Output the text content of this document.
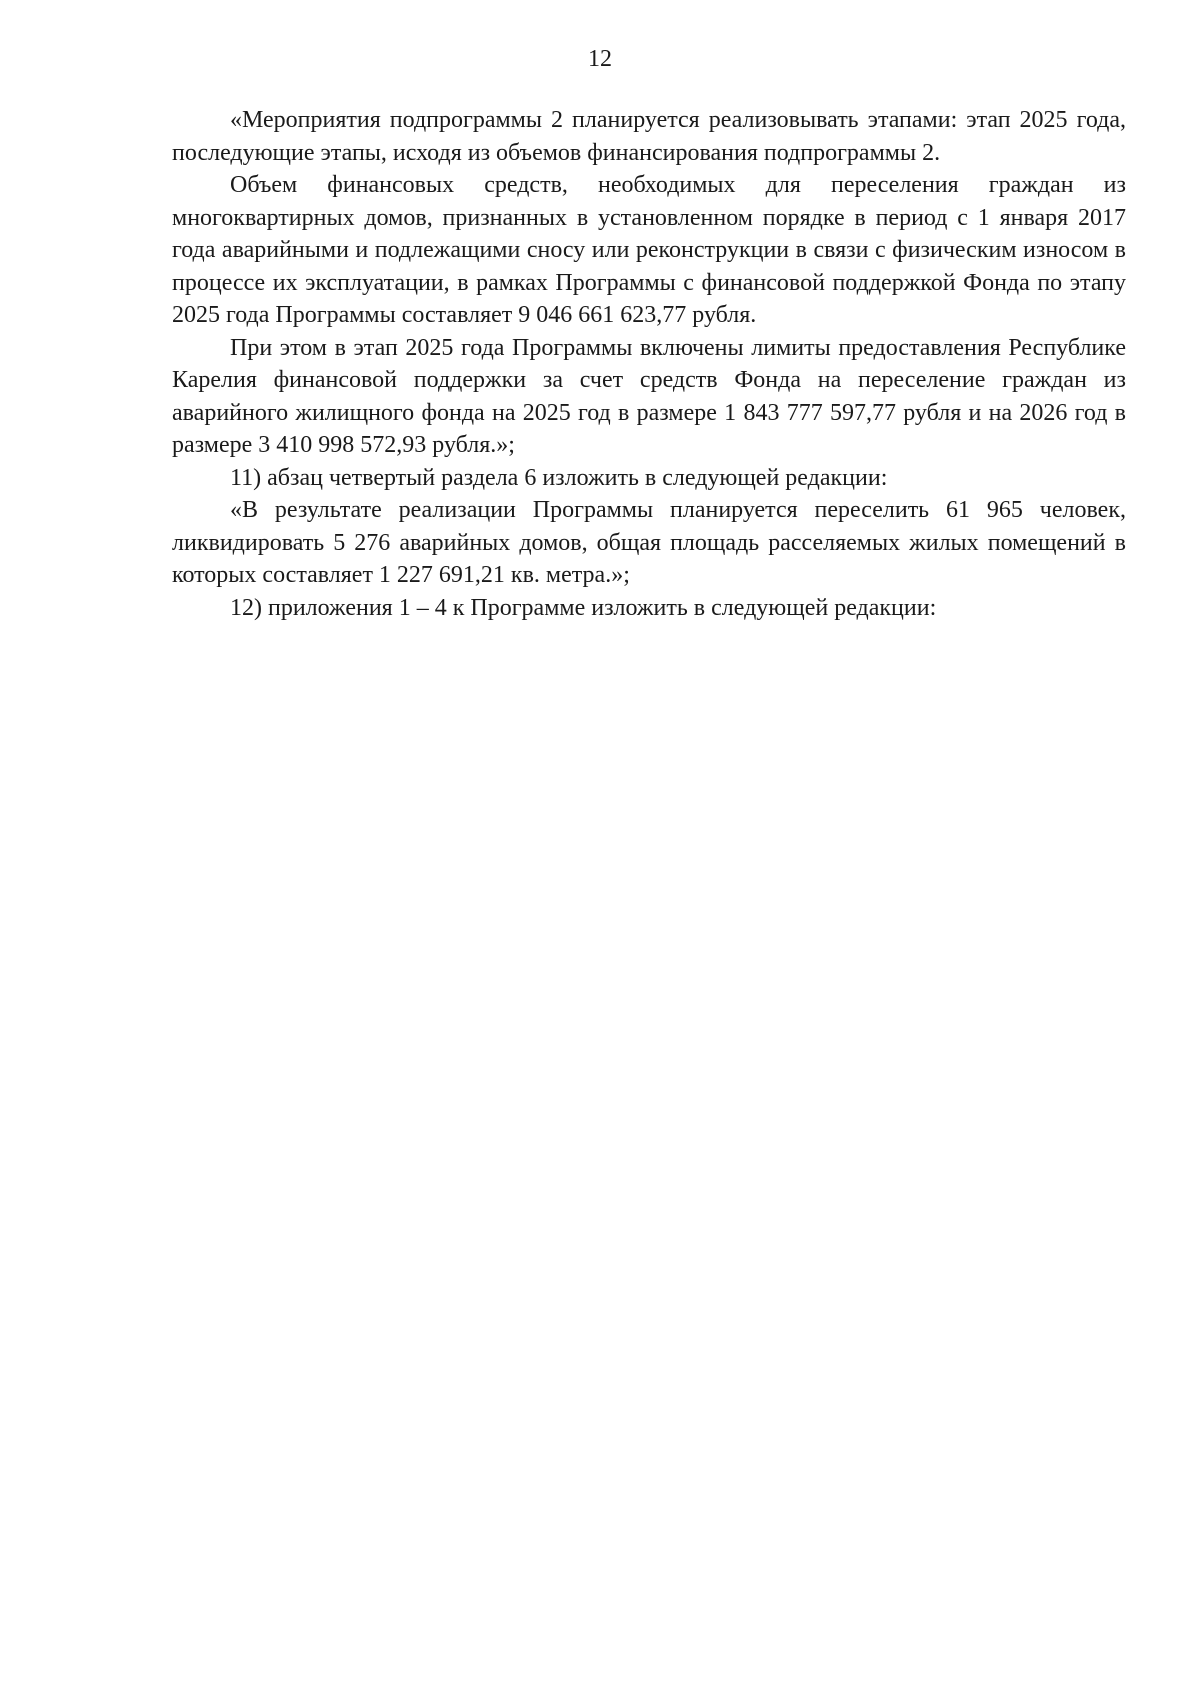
12

«Мероприятия подпрограммы 2 планируется реализовывать этапами: этап 2025 года, последующие этапы, исходя из объемов финансирования подпрограммы 2.

Объем финансовых средств, необходимых для переселения граждан из многоквартирных домов, признанных в установленном порядке в период с 1 января 2017 года аварийными и подлежащими сносу или реконструкции в связи с физическим износом в процессе их эксплуатации, в рамках Программы с финансовой поддержкой Фонда по этапу 2025 года Программы составляет 9 046 661 623,77 рубля.

При этом в этап 2025 года Программы включены лимиты предоставления Республике Карелия финансовой поддержки за счет средств Фонда на переселение граждан из аварийного жилищного фонда на 2025 год в размере 1 843 777 597,77 рубля и на 2026 год в размере 3 410 998 572,93 рубля.»;

11) абзац четвертый раздела 6 изложить в следующей редакции:

«В результате реализации Программы планируется переселить 61 965 человек, ликвидировать 5 276 аварийных домов, общая площадь расселяемых жилых помещений в которых составляет 1 227 691,21 кв. метра.»;

12) приложения 1 – 4 к Программе изложить в следующей редакции:
